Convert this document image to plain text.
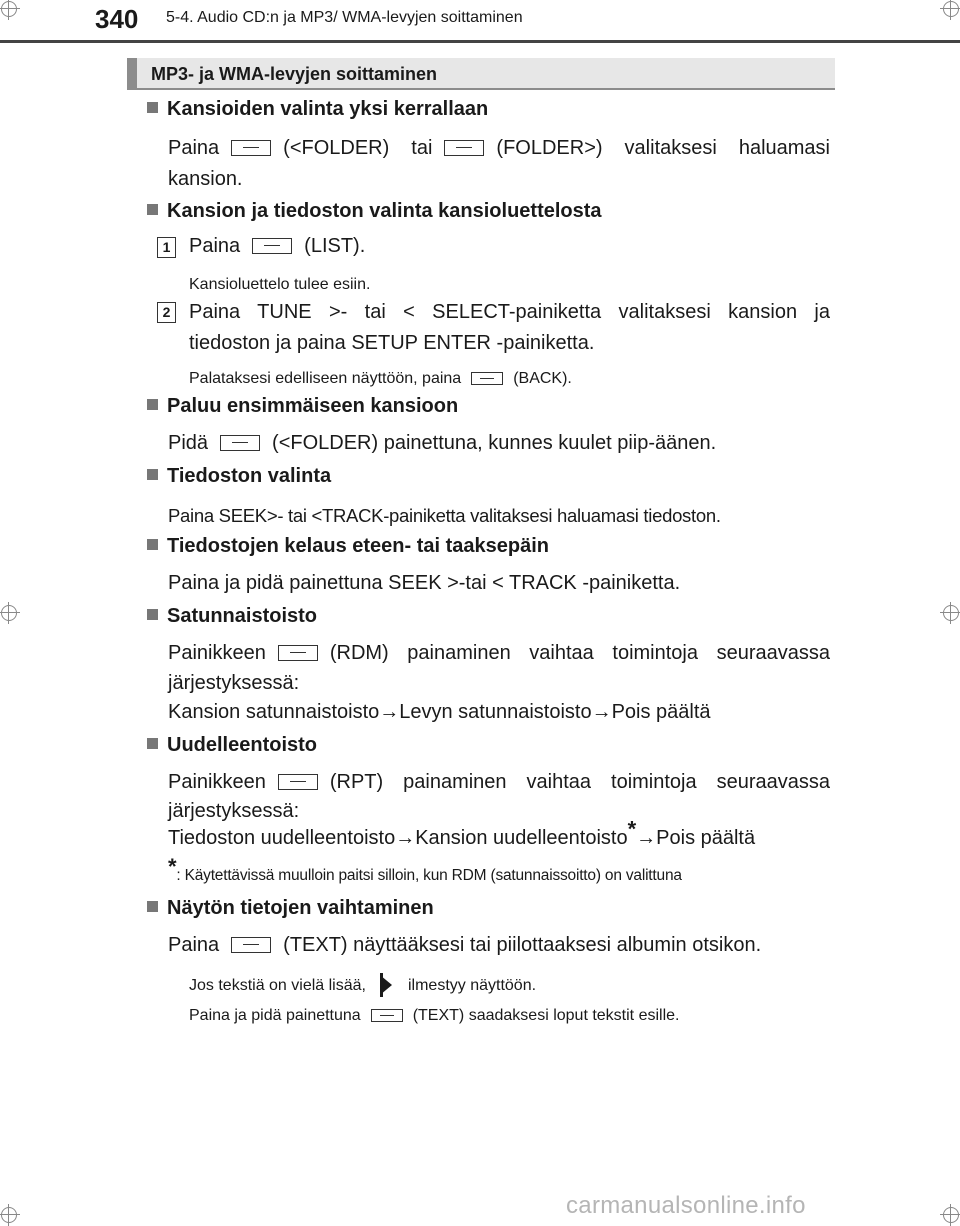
340 5-4. Audio CD:n ja MP3/ WMA-levyjen soittaminen
MP3- ja WMA-levyjen soittaminen
Kansioiden valinta yksi kerrallaan
Paina	(<FOLDER) tai	(FOLDER>) valitaksesi haluamasi
kansion.
Kansion ja tiedoston valinta kansioluettelosta
1 Paina	(LIST).
Kansioluettelo tulee esiin.
2 Paina TUNE >- tai < SELECT-painiketta valitaksesi kansion ja
tiedoston ja paina SETUP ENTER -painiketta.
Palataksesi edelliseen näyttöön, paina	(BACK).
Paluu ensimmäiseen kansioon
Pidä	(<FOLDER) painettuna, kunnes kuulet piip-äänen.
Tiedoston valinta
Paina SEEK>- tai <TRACK-painiketta valitaksesi haluamasi tiedoston.
Tiedostojen kelaus eteen- tai taaksepäin
Paina ja pidä painettuna SEEK >-tai < TRACK -painiketta.
Satunnaistoisto
Painikkeen	(RDM) painaminen vaihtaa toimintoja seuraavassa
järjestyksessä:
Kansion satunnaistoisto→Levyn satunnaistoisto→Pois päältä
Uudelleentoisto
Painikkeen	(RPT) painaminen vaihtaa toimintoja seuraavassa
järjestyksessä:
Tiedoston uudelleentoisto→Kansion uudelleentoisto*→Pois päältä
*: Käytettävissä muulloin paitsi silloin, kun RDM (satunnaissoitto) on valittuna
Näytön tietojen vaihtaminen
Paina	(TEXT) näyttääksesi tai piilottaaksesi albumin otsikon.
Jos tekstiä on vielä lisää,	ilmestyy näyttöön.
Paina ja pidä painettuna	(TEXT) saadaksesi loput tekstit esille.
carmanualsonline.info
